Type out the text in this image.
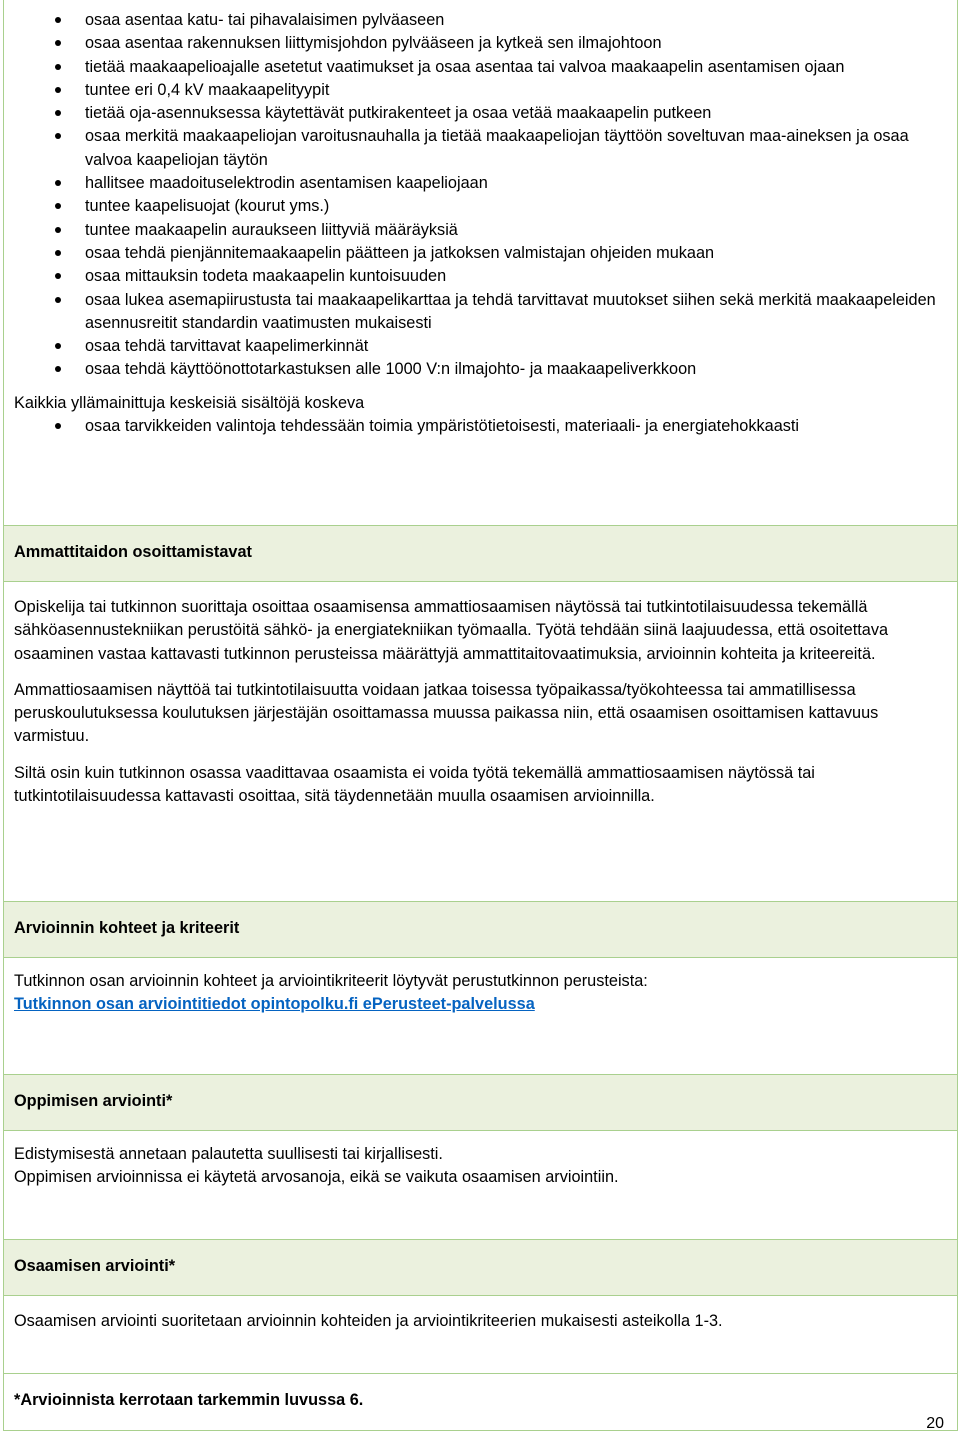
osaa asentaa katu- tai pihavalaisimen pylväaseen
osaa asentaa rakennuksen liittymisjohdon pylvääseen ja kytkeä sen ilmajohtoon
tietää maakaapelioajalle asetetut vaatimukset ja osaa asentaa tai valvoa maakaapelin asentamisen ojaan
tuntee eri 0,4 kV maakaapelityypit
tietää oja-asennuksessa käytettävät putkirakenteet ja osaa vetää maakaapelin putkeen
osaa merkitä maakaapeliojan varoitusnauhalla ja tietää maakaapeliojan täyttöön soveltuvan maa-aineksen ja osaa valvoa kaapeliojan täytön
hallitsee maadoituselektrodin asentamisen kaapeliojaan
tuntee kaapelisuojat (kourut yms.)
tuntee maakaapelin auraukseen liittyviä määräyksiä
osaa tehdä pienjännitemaakaapelin päätteen ja jatkoksen valmistajan ohjeiden mukaan
osaa mittauksin todeta maakaapelin kuntoisuuden
osaa lukea asemapiirustusta tai maakaapelikarttaa ja tehdä tarvittavat muutokset siihen sekä merkitä maakaapeleiden asennusreitit standardin vaatimusten mukaisesti
osaa tehdä tarvittavat kaapelimerkinnät
osaa tehdä käyttöönottotarkastuksen alle 1000 V:n ilmajohto- ja maakaapeliverkkoon
Kaikkia yllämainittuja keskeisiä sisältöjä koskeva
osaa tarvikkeiden valintoja tehdessään toimia ympäristötietoisesti, materiaali- ja energiatehokkaasti
Ammattitaidon osoittamistavat
Opiskelija tai tutkinnon suorittaja osoittaa osaamisensa ammattiosaamisen näytössä tai tutkintotilaisuudessa tekemällä sähköasennustekniikan perustöitä sähkö- ja energiatekniikan työmaalla. Työtä tehdään siinä laajuudessa, että osoitettava osaaminen vastaa kattavasti tutkinnon perusteissa määrättyjä ammattitaitovaatimuksia, arvioinnin kohteita ja kriteereitä.
Ammattiosaamisen näyttöä tai tutkintotilaisuutta voidaan jatkaa toisessa työpaikassa/työkohteessa tai ammatillisessa peruskoulutuksessa koulutuksen järjestäjän osoittamassa muussa paikassa niin, että osaamisen osoittamisen kattavuus varmistuu.
Siltä osin kuin tutkinnon osassa vaadittavaa osaamista ei voida työtä tekemällä ammattiosaamisen näytössä tai tutkintotilaisuudessa kattavasti osoittaa, sitä täydennetään muulla osaamisen arvioinnilla.
Arvioinnin kohteet ja kriteerit
Tutkinnon osan arvioinnin kohteet ja arviointikriteerit löytyvät perustutkinnon perusteista:
Tutkinnon osan arviointitiedot opintopolku.fi ePerusteet-palvelussa
Oppimisen arviointi*
Edistymisestä annetaan palautetta suullisesti tai kirjallisesti.
Oppimisen arvioinnissa ei käytetä arvosanoja, eikä se vaikuta osaamisen arviointiin.
Osaamisen arviointi*
Osaamisen arviointi suoritetaan arvioinnin kohteiden ja arviointikriteerien mukaisesti asteikolla 1-3.
*Arvioinnista kerrotaan tarkemmin luvussa 6.
20
